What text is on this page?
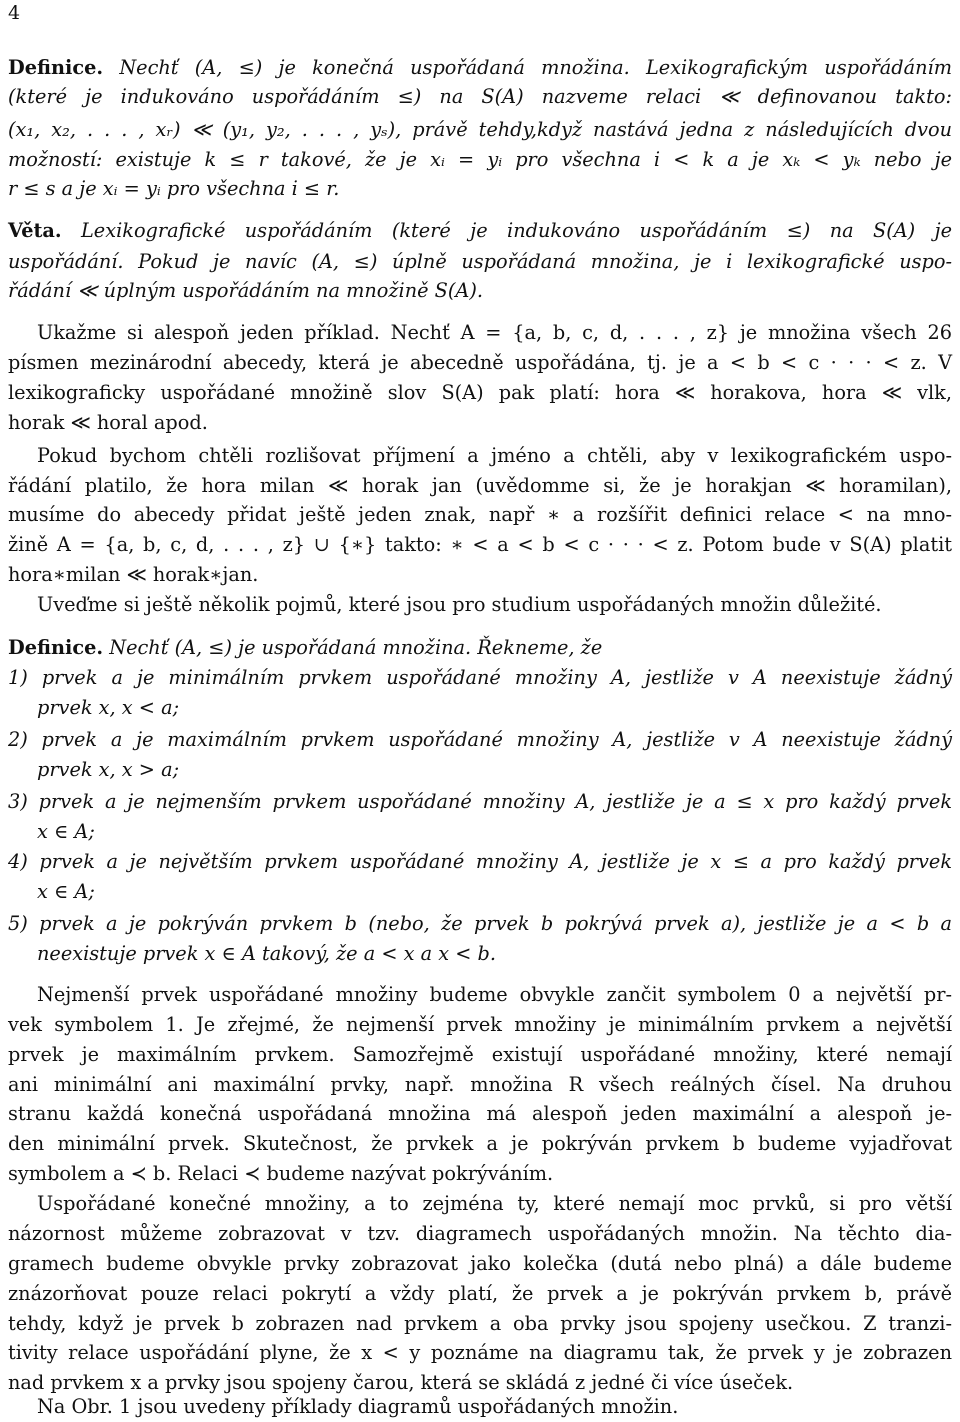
4
Definice. Nechť (A, ≤) je konečná uspořádaná množina. Lexikografickým uspořádáním
(které je indukováno uspořádáním ≤) na S(A) nazveme relaci ≪ definovanou takto:
(x₁, x₂, . . . , xᵣ) ≪ (y₁, y₂, . . . , yₛ), právě tehdy,když nastává jedna z následujících dvou
možností: existuje k ≤ r takové, že je xᵢ = yᵢ pro všechna i < k a je xₖ < yₖ nebo je
r ≤ s a je xᵢ = yᵢ pro všechna i ≤ r.
Věta. Lexikografické uspořádáním (které je indukováno uspořádáním ≤) na S(A) je
uspořádání. Pokud je navíc (A, ≤) úplně uspořádaná množina, je i lexikografické uspo-
řádání ≪ úplným uspořádáním na množině S(A).
Ukažme si alespoň jeden příklad. Nechť A = {a, b, c, d, . . . , z} je množina všech 26
písmen mezinárodní abecedy, která je abecedně uspořádána, tj. je a < b < c · · · < z. V
lexikograficky uspořádané množině slov S(A) pak platí: hora ≪ horakova, hora ≪ vlk,
horak ≪ horal apod.
Pokud bychom chtěli rozlišovat příjmení a jméno a chtěli, aby v lexikografickém uspo-
řádání platilo, že hora milan ≪ horak jan (uvědomme si, že je horakjan ≪ horamilan),
musíme do abecedy přidat ještě jeden znak, např ∗ a rozšířit definici relace < na mno-
žině A = {a, b, c, d, . . . , z} ∪ {∗} takto: ∗ < a < b < c · · · < z. Potom bude v S(A) platit
hora∗milan ≪ horak∗jan.
Uveďme si ještě několik pojmů, které jsou pro studium uspořádaných množin důležité.
Definice. Nechť (A, ≤) je uspořádaná množina. Řekneme, že
1) prvek a je minimálním prvkem uspořádané množiny A, jestliže v A neexistuje žádný
prvek x, x < a;
2) prvek a je maximálním prvkem uspořádané množiny A, jestliže v A neexistuje žádný
prvek x, x > a;
3) prvek a je nejmenším prvkem uspořádané množiny A, jestliže je a ≤ x pro každý prvek
x ∈ A;
4) prvek a je největším prvkem uspořádané množiny A, jestliže je x ≤ a pro každý prvek
x ∈ A;
5) prvek a je pokrýván prvkem b (nebo, že prvek b pokrývá prvek a), jestliže je a < b a
neexistuje prvek x ∈ A takový, že a < x a x < b.
Nejmenší prvek uspořádané množiny budeme obvykle zančit symbolem 0 a největší pr-
vek symbolem 1. Je zřejmé, že nejmenší prvek množiny je minimálním prvkem a největší
prvek je maximálním prvkem. Samozřejmě existují uspořádané množiny, které nemají
ani minimální ani maximální prvky, např. množina R všech reálných čísel. Na druhou
stranu každá konečná uspořádaná množina má alespoň jeden maximální a alespoň je-
den minimální prvek. Skutečnost, že prvkek a je pokrýván prvkem b budeme vyjadřovat
symbolem a ≺ b. Relaci ≺ budeme nazývat pokrýváním.
Uspořádané konečné množiny, a to zejména ty, které nemají moc prvků, si pro větší
názornost můžeme zobrazovat v tzv. diagramech uspořádaných množin. Na těchto dia-
gramech budeme obvykle prvky zobrazovat jako kolečka (dutá nebo plná) a dále budeme
znázorňovat pouze relaci pokrytí a vždy platí, že prvek a je pokrýván prvkem b, právě
tehdy, když je prvek b zobrazen nad prvkem a oba prvky jsou spojeny usečkou. Z tranzi-
tivity relace uspořádání plyne, že x < y poznáme na diagramu tak, že prvek y je zobrazen
nad prvkem x a prvky jsou spojeny čarou, která se skládá z jedné či více úseček.
Na Obr. 1 jsou uvedeny příklady diagramů uspořádaných množin.
